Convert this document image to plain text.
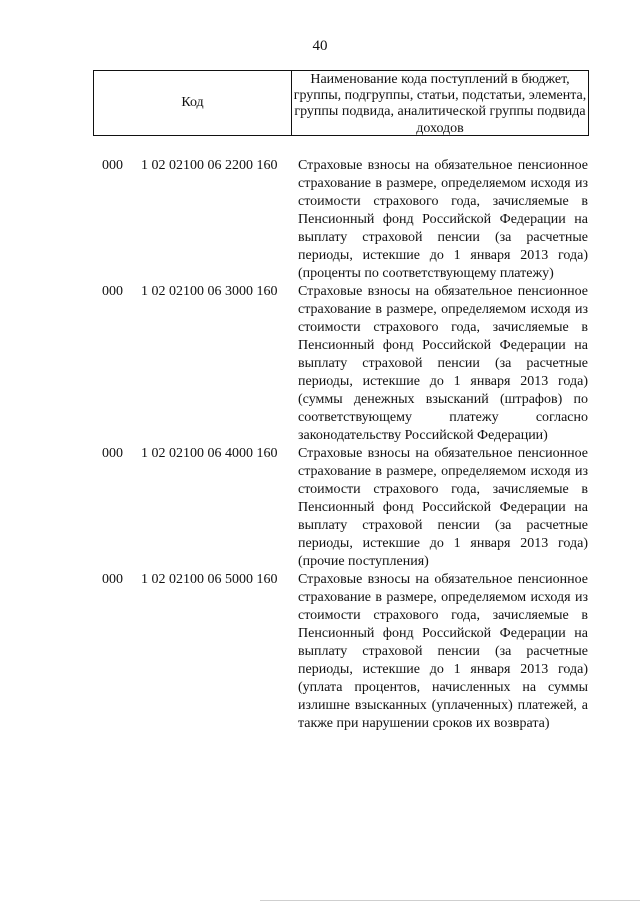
40
Код
Наименование кода поступлений в бюджет, группы, подгруппы, статьи, подстатьи, элемента, группы подвида, аналитической группы подвида доходов
000 1 02 02100 06 2200 160 Страховые взносы на обязательное пенсионное страхование в размере, определяемом исходя из стоимости страхового года, зачисляемые в Пенсионный фонд Российской Федерации на выплату страховой пенсии (за расчетные периоды, истекшие до 1 января 2013 года) (проценты по соответствующему платежу)
000 1 02 02100 06 3000 160 Страховые взносы на обязательное пенсионное страхование в размере, определяемом исходя из стоимости страхового года, зачисляемые в Пенсионный фонд Российской Федерации на выплату страховой пенсии (за расчетные периоды, истекшие до 1 января 2013 года) (суммы денежных взысканий (штрафов) по соответствующему платежу согласно законодательству Российской Федерации)
000 1 02 02100 06 4000 160 Страховые взносы на обязательное пенсионное страхование в размере, определяемом исходя из стоимости страхового года, зачисляемые в Пенсионный фонд Российской Федерации на выплату страховой пенсии (за расчетные периоды, истекшие до 1 января 2013 года) (прочие поступления)
000 1 02 02100 06 5000 160 Страховые взносы на обязательное пенсионное страхование в размере, определяемом исходя из стоимости страхового года, зачисляемые в Пенсионный фонд Российской Федерации на выплату страховой пенсии (за расчетные периоды, истекшие до 1 января 2013 года) (уплата процентов, начисленных на суммы излишне взысканных (уплаченных) платежей, а также при нарушении сроков их возврата)
